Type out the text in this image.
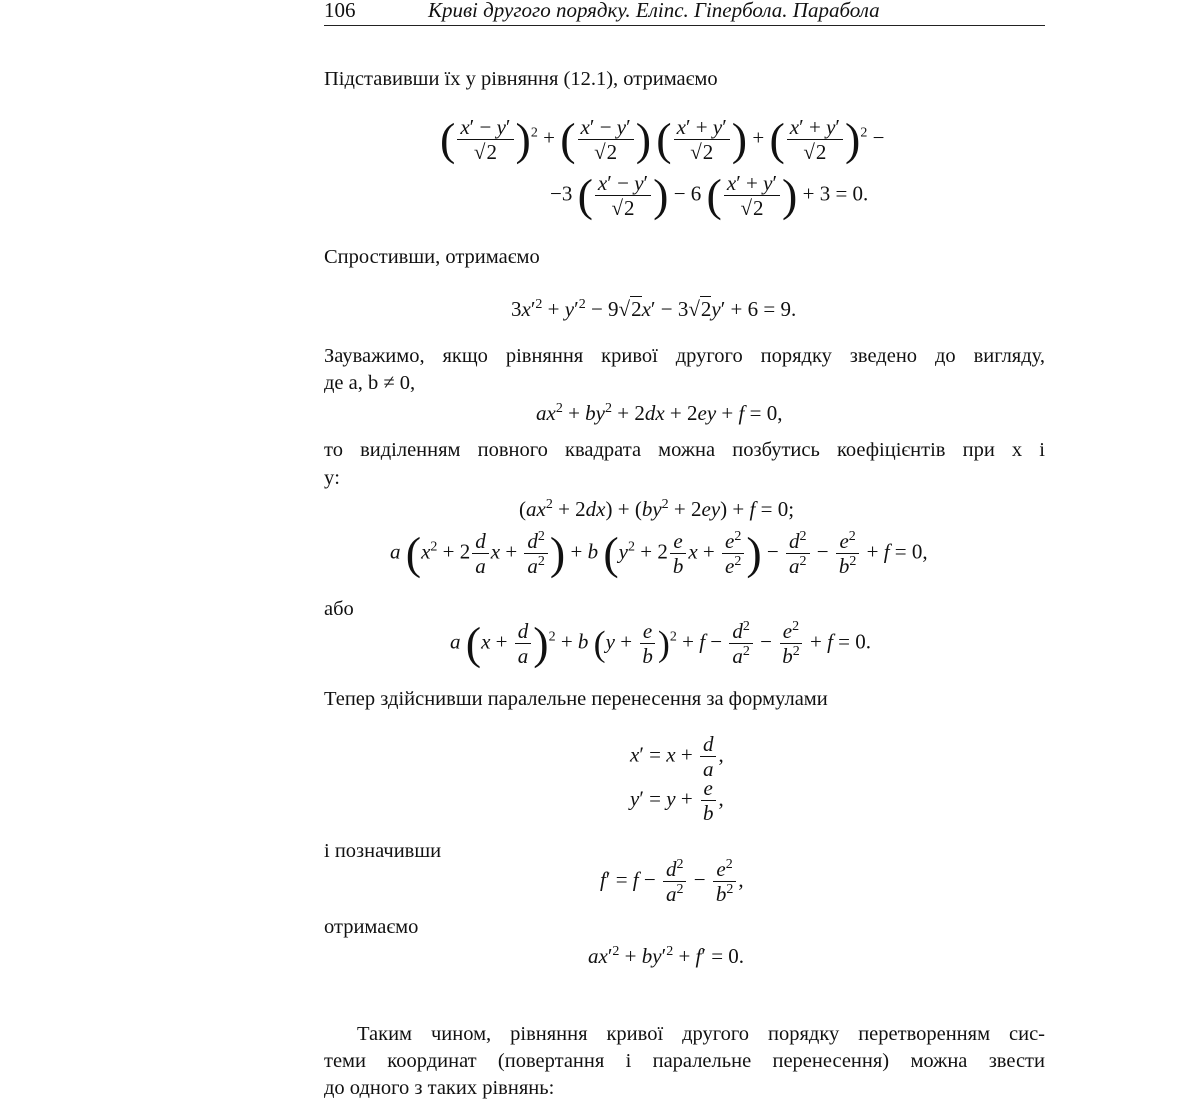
106	Криві другого порядку. Еліпс. Гіпербола. Парабола
Підставивши їх у рівняння (12.1), отримаємо
( $\frac{x' - y'}{√2} )^2$ + ( $\frac{x' - y'}{√2}$ ) ( $\frac{x' + y'}{√2}$ ) + ( $\frac{x' + y'}{√2} )^2$ −
−3 ( $\frac{x' - y'}{√2}$ ) − 6 ( $\frac{x' + y'}{√2}$ ) + 3 = 0.
Спростивши, отримаємо
$3x'^2 + y'^2 - 9√2x' - 3√2y' + 6 = 9$.
Зауважимо, якщо рівняння кривої другого порядку зведено до вигляду,
де a, b ≠ 0,
$ax^2 + by^2 + 2dx + 2ey + f = 0$,
то виділенням повного квадрата можна позбутись коефіцієнтів при x і
y:
$(ax^2 + 2dx) + (by^2 + 2ey) + f = 0$;
a ($x^2 + 2 \frac{d}{a}$ $x + \frac{d^2}{a^2}$ ) + b ($y^2 + 2 \frac{e}{b}$ $x + \frac{e^2}{e^2}$ ) − $\frac{d^2}{a^2} - \frac{e^2}{b^2} + f = 0$,
або
a $(x + \frac{d}{a} )^2 + b$ $(y + \frac{e}{b} )^2 + f - \frac{d^2}{a^2} - \frac{e^2}{b^2} + f = 0$.
Тепер здійснивши паралельне перенесення за формулами
$x' = x + \frac{d}{a}$ ,
$y' = y + \frac{e}{b}$ ,
і позначивши
$f' = f - \frac{d^2}{a^2} - \frac{e^2}{b^2}$ ,
отримаємо
$ax'^2 + by'^2 + f' = 0$.
Таким чином, рівняння кривої другого порядку перетворенням сис-
теми координат (повертання і паралельне перенесення) можна звести
до одного з таких рівнянь:
